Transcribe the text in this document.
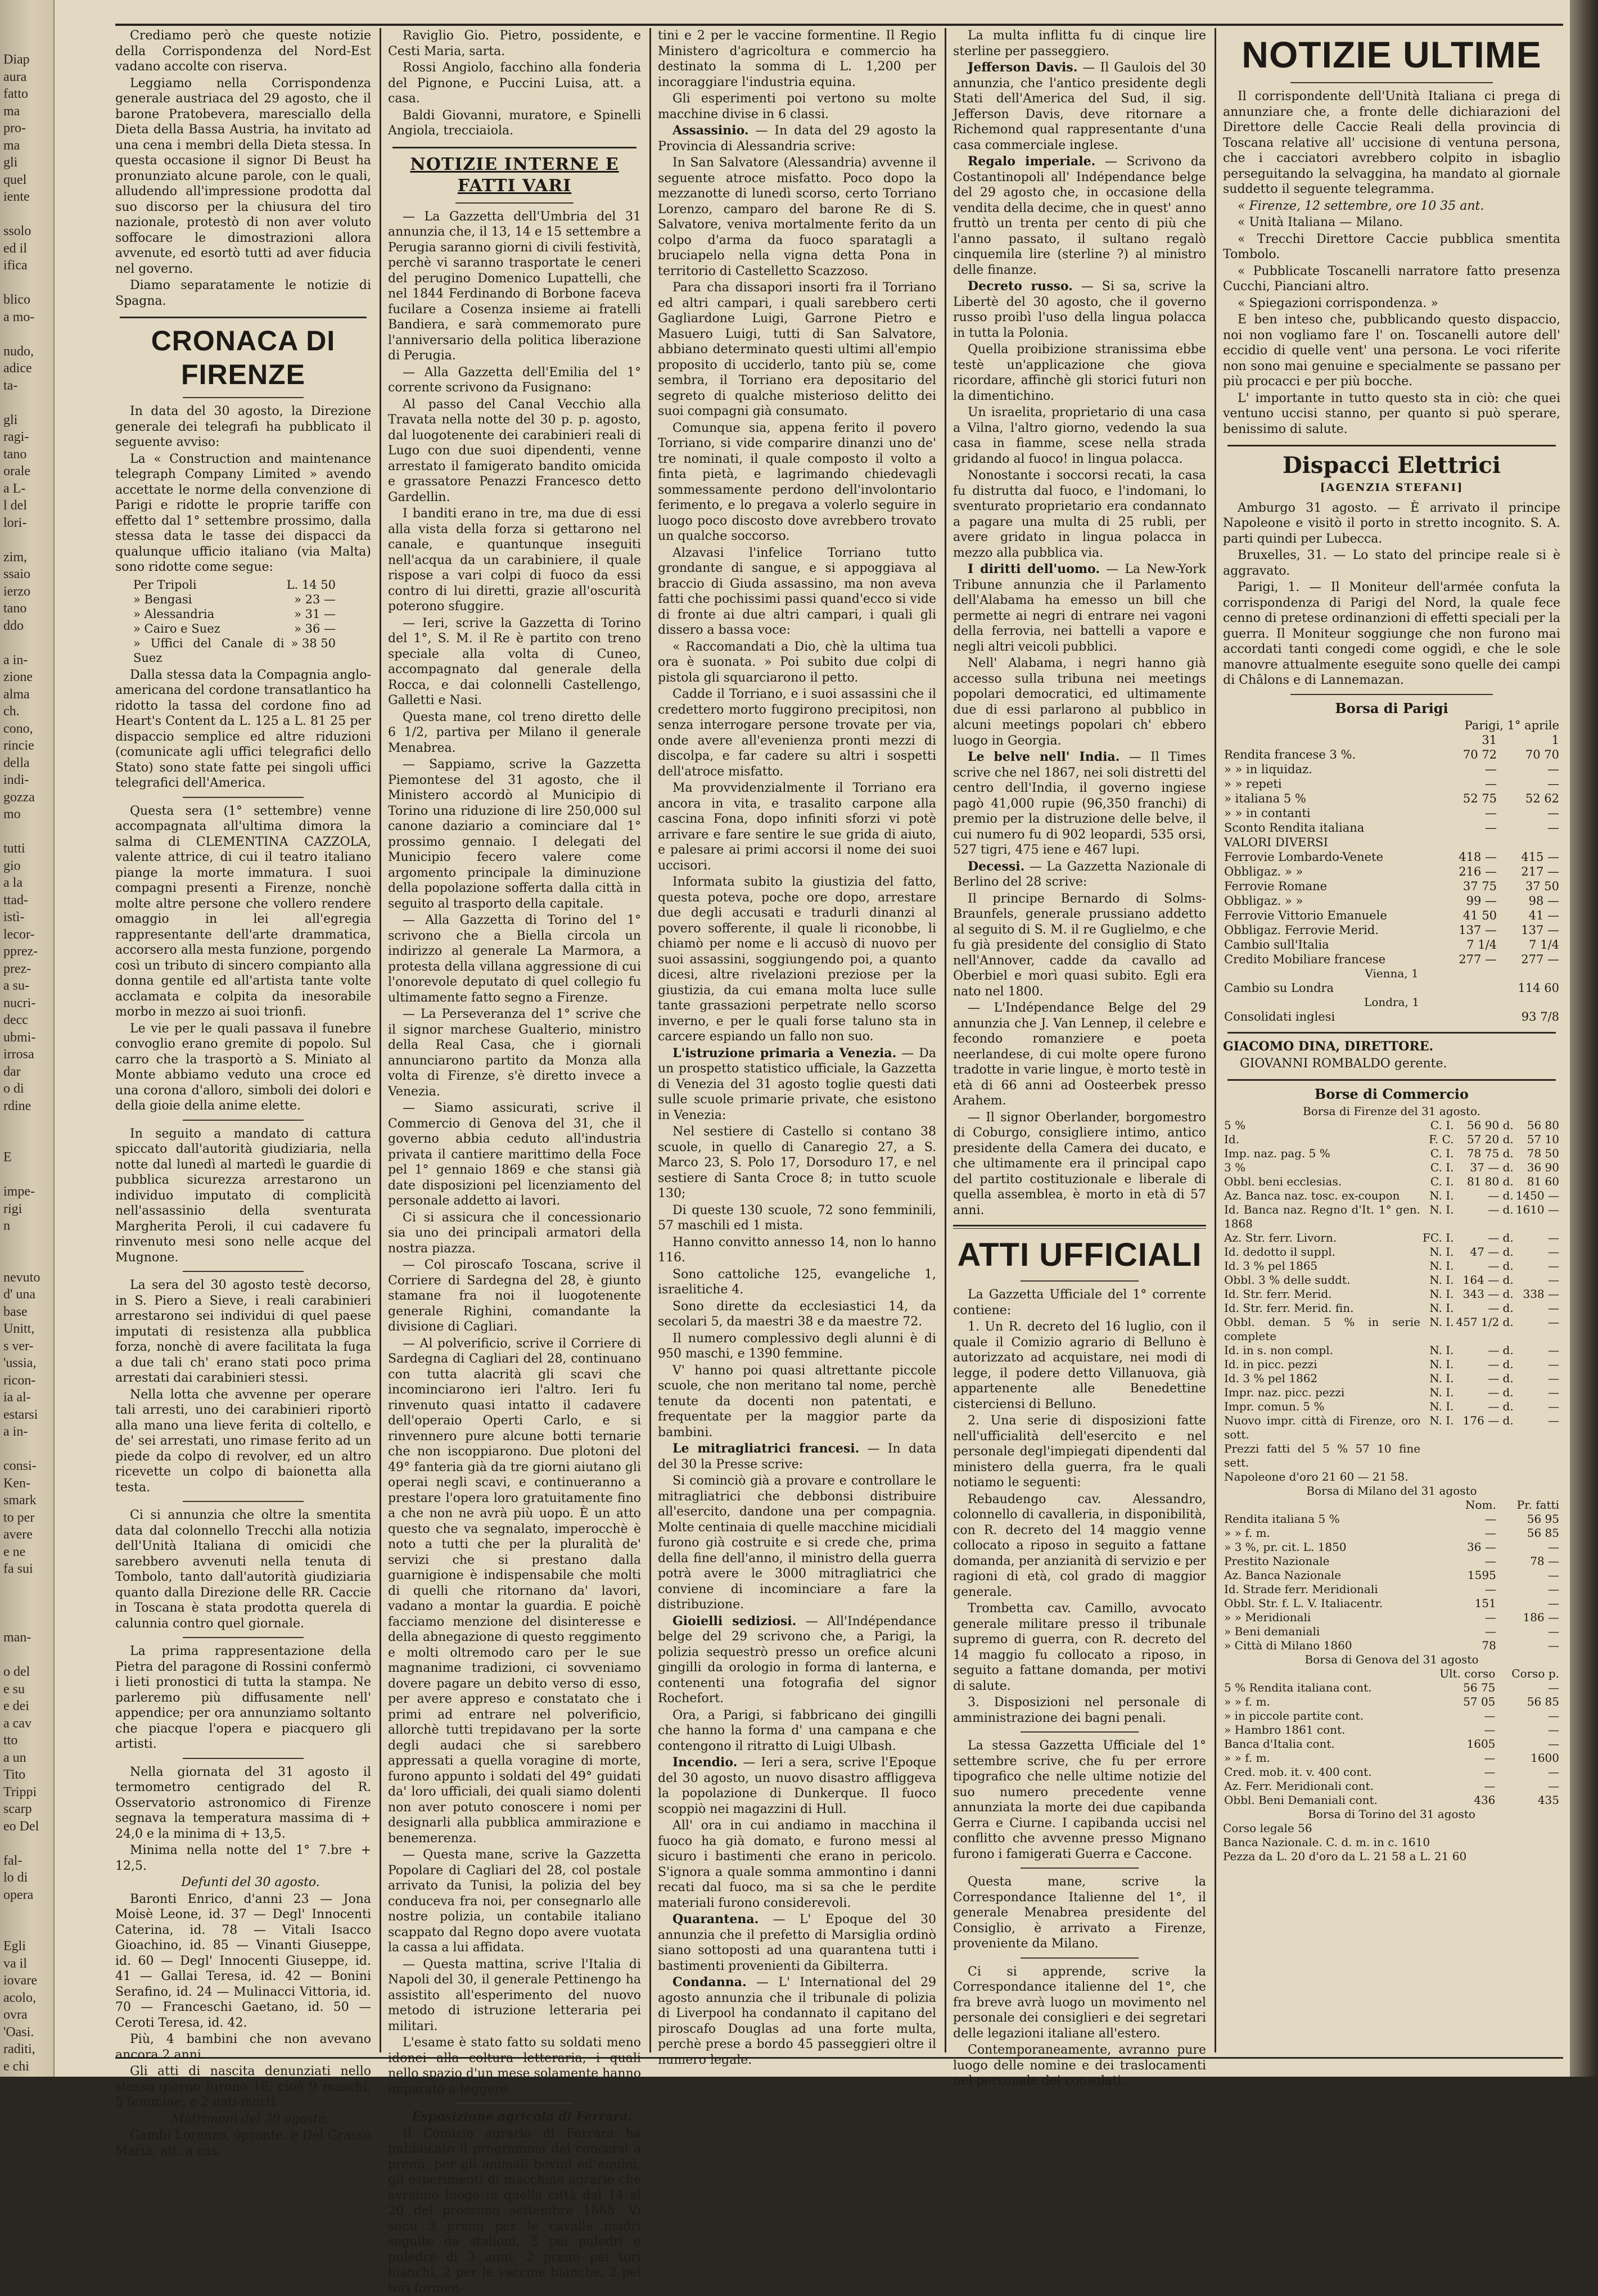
Diap
aura
fatto
ma
pro-
ma
gli
quel
iente
ssolo
ed il
ifica
blico
a mo-
nudo,
adice
ta-
gli
ragi-
tano
orale
a L-
l del
lori-
zim,
ssaio
ierzo
tano
ddo
a in-
zione
alma
ch.
cono,
rincie
della
indi-
gozza
mo
tutti
gio
a la
ttad-
istì-
lecor-
pprez-
prez-
a su-
nucri-
decc
ubmi-
irrosa
dar
o di
rdine
E
impe-
rigi
n
nevuto
d' una
base
Unitt,
s ver-
'ussia,
ricon-
ia al-
estarsi
a in-
consi-
Ken-
smark
to per
avere
e ne
fa sui
man-
o del
e su
e dei
a cav
tto
a un
Tito
Trippi
scarp
eo Del
fal-
lo di
opera
Egli
va il
iovare
acolo,
ovra
'Oasi.
raditi,
e chi
a cui
pagna
rattina

Crediamo però che queste notizie della Corrispondenza del Nord-Est vadano accolte con riserva.

Leggiamo nella Corrispondenza generale austriaca del 29 agosto, che il barone Pratobevera, maresciallo della Dieta della Bassa Austria, ha invitato ad una cena i membri della Dieta stessa. In questa occasione il signor Di Beust ha pronunziato alcune parole, con le quali, alludendo all'impressione prodotta dal suo discorso per la chiusura del tiro nazionale, protestò di non aver voluto soffocare le dimostrazioni allora avvenute, ed esortò tutti ad aver fiducia nel governo.

Diamo separatamente le notizie di Spagna.

CRONACA DI FIRENZE

In data del 30 agosto, la Direzione generale dei telegrafi ha pubblicato il seguente avviso:

La « Construction and maintenance telegraph Company Limited » avendo accettate le norme della convenzione di Parigi e ridotte le proprie tariffe con effetto dal 1° settembre prossimo, dalla stessa data le tasse dei dispacci da qualunque ufficio italiano (via Malta) sono ridotte come segue:

Per Tripoli	L. 14 50
» Bengasi	» 23 —
» Alessandria	» 31 —
» Cairo e Suez	» 36 —
» Uffici del Canale di Suez	» 38 50

Dalla stessa data la Compagnia anglo-americana del cordone transatlantico ha ridotto la tassa del cordone fino ad Heart's Content da L. 125 a L. 81 25 per dispaccio semplice ed altre riduzioni (comunicate agli uffici telegrafici dello Stato) sono state fatte pei singoli uffici telegrafici dell'America.

Questa sera (1° settembre) venne accompagnata all'ultima dimora la salma di CLEMENTINA CAZZOLA, valente attrice, di cui il teatro italiano piange la morte immatura. I suoi compagni presenti a Firenze, nonchè molte altre persone che vollero rendere omaggio in lei all'egregia rappresentante dell'arte drammatica, accorsero alla mesta funzione, porgendo così un tributo di sincero compianto alla donna gentile ed all'artista tante volte acclamata e colpita da inesorabile morbo in mezzo ai suoi trionfi.

Le vie per le quali passava il funebre convoglio erano gremite di popolo. Sul carro che la trasportò a S. Miniato al Monte abbiamo veduto una croce ed una corona d'alloro, simboli dei dolori e della gioie della anime elette.

In seguito a mandato di cattura spiccato dall'autorità giudiziaria, nella notte dal lunedì al martedì le guardie di pubblica sicurezza arrestarono un individuo imputato di complicità nell'assassinio della sventurata Margherita Peroli, il cui cadavere fu rinvenuto mesi sono nelle acque del Mugnone.

La sera del 30 agosto testè decorso, in S. Piero a Sieve, i reali carabinieri arrestarono sei individui di quel paese imputati di resistenza alla pubblica forza, nonchè di avere facilitata la fuga a due tali ch' erano stati poco prima arrestati dai carabinieri stessi.

Nella lotta che avvenne per operare tali arresti, uno dei carabinieri riportò alla mano una lieve ferita di coltello, e de' sei arrestati, uno rimase ferito ad un piede da colpo di revolver, ed un altro ricevette un colpo di baionetta alla testa.

Ci si annunzia che oltre la smentita data dal colonnello Trecchi alla notizia dell'Unità Italiana di omicidi che sarebbero avvenuti nella tenuta di Tombolo, tanto dall'autorità giudiziaria quanto dalla Direzione delle RR. Caccie in Toscana è stata prodotta querela di calunnia contro quel giornale.

La prima rappresentazione della Pietra del paragone di Rossini confermò i lieti pronostici di tutta la stampa. Ne parleremo più diffusamente nell' appendice; per ora annunziamo soltanto che piacque l'opera e piacquero gli artisti.

Nella giornata del 31 agosto il termometro centigrado del R. Osservatorio astronomico di Firenze segnava la temperatura massima di + 24,0 e la minima di + 13,5.

Minima nella notte del 1° 7.bre + 12,5.

Defunti del 30 agosto.

Baronti Enrico, d'anni 23 — Jona Moisè Leone, id. 37 — Degl' Innocenti Caterina, id. 78 — Vitali Isacco Gioachino, id. 85 — Vinanti Giuseppe, id. 60 — Degl' Innocenti Giuseppe, id. 41 — Gallai Teresa, id. 42 — Bonini Serafino, id. 24 — Mulinacci Vittoria, id. 70 — Franceschi Gaetano, id. 50 — Ceroti Teresa, id. 42.

Più, 4 bambini che non avevano ancora 2 anni.

Gli atti di nascita denunziati nello stesso giorno furono 16, cioè 9 maschi, 5 femmine, e 2 nati-morti.

Matrimoni del 30 agosto.

Gambi Lorenzo, oprante, e Del Grasso Maria, att. a cas.

Raviglio Gio. Pietro, possidente, e Cesti Maria, sarta.

Rossi Angiolo, facchino alla fonderia del Pignone, e Puccini Luisa, att. a casa.

Baldi Giovanni, muratore, e Spinelli Angiola, trecciaiola.

NOTIZIE INTERNE E FATTI VARI

— La Gazzetta dell'Umbria del 31 annunzia che, il 13, 14 e 15 settembre a Perugia saranno giorni di civili festività, perchè vi saranno trasportate le ceneri del perugino Domenico Lupattelli, che nel 1844 Ferdinando di Borbone faceva fucilare a Cosenza insieme ai fratelli Bandiera, e sarà commemorato pure l'anniversario della politica liberazione di Perugia.

— Alla Gazzetta dell'Emilia del 1° corrente scrivono da Fusignano:

Al passo del Canal Vecchio alla Travata nella notte del 30 p. p. agosto, dal luogotenente dei carabinieri reali di Lugo con due suoi dipendenti, venne arrestato il famigerato bandito omicida e grassatore Penazzi Francesco detto Gardellin.

I banditi erano in tre, ma due di essi alla vista della forza si gettarono nel canale, e quantunque inseguiti nell'acqua da un carabiniere, il quale rispose a vari colpi di fuoco da essi contro di lui diretti, grazie all'oscurità poterono sfuggire.

— Ieri, scrive la Gazzetta di Torino del 1°, S. M. il Re è partito con treno speciale alla volta di Cuneo, accompagnato dal generale della Rocca, e dai colonnelli Castellengo, Galletti e Nasi.

Questa mane, col treno diretto delle 6 1/2, partiva per Milano il generale Menabrea.

— Sappiamo, scrive la Gazzetta Piemontese del 31 agosto, che il Ministero accordò al Municipio di Torino una riduzione di lire 250,000 sul canone daziario a cominciare dal 1° prossimo gennaio. I delegati del Municipio fecero valere come argomento principale la diminuzione della popolazione sofferta dalla città in seguito al trasporto della capitale.

— Alla Gazzetta di Torino del 1° scrivono che a Biella circola un indirizzo al generale La Marmora, a protesta della villana aggressione di cui l'onorevole deputato di quel collegio fu ultimamente fatto segno a Firenze.

— La Perseveranza del 1° scrive che il signor marchese Gualterio, ministro della Real Casa, che i giornali annunciarono partito da Monza alla volta di Firenze, s'è diretto invece a Venezia.

— Siamo assicurati, scrive il Commercio di Genova del 31, che il governo abbia ceduto all'industria privata il cantiere marittimo della Foce pel 1° gennaio 1869 e che stansi già date disposizioni pel licenziamento del personale addetto ai lavori.

Ci si assicura che il concessionario sia uno dei principali armatori della nostra piazza.

— Col piroscafo Toscana, scrive il Corriere di Sardegna del 28, è giunto stamane fra noi il luogotenente generale Righini, comandante la divisione di Cagliari.

— Al polverificio, scrive il Corriere di Sardegna di Cagliari del 28, continuano con tutta alacrità gli scavi che incominciarono ieri l'altro. Ieri fu rinvenuto quasi intatto il cadavere dell'operaio Operti Carlo, e si rinvennero pure alcune botti ternarie che non iscoppiarono. Due plotoni del 49° fanteria già da tre giorni aiutano gli operai negli scavi, e continueranno a prestare l'opera loro gratuitamente fino a che non ne avrà più uopo. È un atto questo che va segnalato, imperocchè è noto a tutti che per la pluralità de' servizi che si prestano dalla guarnigione è indispensabile che molti di quelli che ritornano da' lavori, vadano a montar la guardia. E poichè facciamo menzione del disinteresse e della abnegazione di questo reggimento e molti oltremodo caro per le sue magnanime tradizioni, ci sovveniamo dovere pagare un debito verso di esso, per avere appreso e constatato che i primi ad entrare nel polverificio, allorchè tutti trepidavano per la sorte degli audaci che si sarebbero appressati a quella voragine di morte, furono appunto i soldati del 49° guidati da' loro ufficiali, dei quali siamo dolenti non aver potuto conoscere i nomi per designarli alla pubblica ammirazione e benemerenza.

— Questa mane, scrive la Gazzetta Popolare di Cagliari del 28, col postale arrivato da Tunisi, la polizia del bey conduceva fra noi, per consegnarlo alle nostre polizia, un contabile italiano scappato dal Regno dopo avere vuotata la cassa a lui affidata.

— Questa mattina, scrive l'Italia di Napoli del 30, il generale Pettinengo ha assistito all'esperimento del nuovo metodo di istruzione letteraria pei militari.

L'esame è stato fatto su soldati meno idonei alla coltura letteraria, i quali nello spazio d'un mese solamente hanno imparato a leggere.

Esposizione agricola di Ferrara.

Il Comizio agrario di Ferrara ha pubblicato il programma dei concorsi a premi, per gli animali bovini ed equini, gli esperimenti di macchine agrarie che avranno luogo in quella città dal 14 al 20 del prossimo settembre 1868. Vi sono 3 premi per le cavalle madri seguite da stalloni, 3 pei puledri e puledre di 3 anni, 2 premi pei tori bianchi, 2 per le vaccine bianche, 2 pei tori formen-

tini e 2 per le vaccine formentine. Il Regio Ministero d'agricoltura e commercio ha destinato la somma di L. 1,200 per incoraggiare l'industria equina.

Gli esperimenti poi vertono su molte macchine divise in 6 classi.

Assassinio. — In data del 29 agosto la Provincia di Alessandria scrive:

In San Salvatore (Alessandria) avvenne il seguente atroce misfatto. Poco dopo la mezzanotte di lunedì scorso, certo Torriano Lorenzo, camparo del barone Re di S. Salvatore, veniva mortalmente ferito da un colpo d'arma da fuoco sparatagli a bruciapelo nella vigna detta Pona in territorio di Castelletto Scazzoso.

Para cha dissapori insorti fra il Torriano ed altri campari, i quali sarebbero certi Gagliardone Luigi, Garrone Pietro e Masuero Luigi, tutti di San Salvatore, abbiano determinato questi ultimi all'empio proposito di ucciderlo, tanto più se, come sembra, il Torriano era depositario del segreto di qualche misterioso delitto dei suoi compagni già consumato.

Comunque sia, appena ferito il povero Torriano, si vide comparire dinanzi uno de' tre nominati, il quale composto il volto a finta pietà, e lagrimando chiedevagli sommessamente perdono dell'involontario ferimento, e lo pregava a volerlo seguire in luogo poco discosto dove avrebbero trovato un qualche soccorso.

Alzavasi l'infelice Torriano tutto grondante di sangue, e si appoggiava al braccio di Giuda assassino, ma non aveva fatti che pochissimi passi quand'ecco si vide di fronte ai due altri campari, i quali gli dissero a bassa voce:

« Raccomandati a Dio, chè la ultima tua ora è suonata. » Poi subito due colpi di pistola gli squarciarono il petto.

Cadde il Torriano, e i suoi assassini che il credettero morto fuggirono precipitosi, non senza interrogare persone trovate per via, onde avere all'evenienza pronti mezzi di discolpa, e far cadere su altri i sospetti dell'atroce misfatto.

Ma provvidenzialmente il Torriano era ancora in vita, e trasalito carpone alla cascina Fona, dopo infiniti sforzi vi potè arrivare e fare sentire le sue grida di aiuto, e palesare ai primi accorsi il nome dei suoi uccisori.

Informata subito la giustizia del fatto, questa poteva, poche ore dopo, arrestare due degli accusati e tradurli dinanzi al povero sofferente, il quale li riconobbe, li chiamò per nome e li accusò di nuovo per suoi assassini, soggiungendo poi, a quanto dicesi, altre rivelazioni preziose per la giustizia, da cui emana molta luce sulle tante grassazioni perpetrate nello scorso inverno, e per le quali forse taluno sta in carcere espiando un fallo non suo.

L'istruzione primaria a Venezia. — Da un prospetto statistico ufficiale, la Gazzetta di Venezia del 31 agosto toglie questi dati sulle scuole primarie private, che esistono in Venezia:

Nel sestiere di Castello si contano 38 scuole, in quello di Canaregio 27, a S. Marco 23, S. Polo 17, Dorsoduro 17, e nel sestiere di Santa Croce 8; in tutto scuole 130;

Di queste 130 scuole, 72 sono femminili, 57 maschili ed 1 mista.

Hanno convitto annesso 14, non lo hanno 116.

Sono cattoliche 125, evangeliche 1, israelitiche 4.

Sono dirette da ecclesiastici 14, da secolari 5, da maestri 38 e da maestre 72.

Il numero complessivo degli alunni è di 950 maschi, e 1390 femmine.

V' hanno poi quasi altrettante piccole scuole, che non meritano tal nome, perchè tenute da docenti non patentati, e frequentate per la maggior parte da bambini.

Le mitragliatrici francesi. — In data del 30 la Presse scrive:

Si cominciò già a provare e controllare le mitragliatrici che debbonsi distribuire all'esercito, dandone una per compagnia. Molte centinaia di quelle macchine micidiali furono già costruite e si crede che, prima della fine dell'anno, il ministro della guerra potrà avere le 3000 mitragliatrici che conviene di incominciare a fare la distribuzione.

Gioielli sediziosi. — All'Indépendance belge del 29 scrivono che, a Parigi, la polizia sequestrò presso un orefice alcuni gingilli da orologio in forma di lanterna, e contenenti una fotografia del signor Rochefort.

Ora, a Parigi, si fabbricano dei gingilli che hanno la forma d' una campana e che contengono il ritratto di Luigi Ulbash.

Incendio. — Ieri a sera, scrive l'Epoque del 30 agosto, un nuovo disastro affliggeva la popolazione di Dunkerque. Il fuoco scoppiò nei magazzini di Hull.

All' ora in cui andiamo in macchina il fuoco ha già domato, e furono messi al sicuro i bastimenti che erano in pericolo. S'ignora a quale somma ammontino i danni recati dal fuoco, ma si sa che le perdite materiali furono considerevoli.

Quarantena. — L' Epoque del 30 annunzia che il prefetto di Marsiglia ordinò siano sottoposti ad una quarantena tutti i bastimenti provenienti da Gibilterra.

Condanna. — L' International del 29 agosto annunzia che il tribunale di polizia di Liverpool ha condannato il capitano del piroscafo Douglas ad una forte multa, perchè prese a bordo 45 passeggieri oltre il numero legale.

La multa inflitta fu di cinque lire sterline per passeggiero.

Jefferson Davis. — Il Gaulois del 30 annunzia, che l'antico presidente degli Stati dell'America del Sud, il sig. Jefferson Davis, deve ritornare a Richemond qual rappresentante d'una casa commerciale inglese.

Regalo imperiale. — Scrivono da Costantinopoli all' Indépendance belge del 29 agosto che, in occasione della vendita della decime, che in quest' anno fruttò un trenta per cento di più che l'anno passato, il sultano regalò cinquemila lire (sterline ?) al ministro delle finanze.

Decreto russo. — Si sa, scrive la Libertè del 30 agosto, che il governo russo proibì l'uso della lingua polacca in tutta la Polonia.

Quella proibizione stranissima ebbe testè un'applicazione che giova ricordare, affinchè gli storici futuri non la dimentichino.

Un israelita, proprietario di una casa a Vilna, l'altro giorno, vedendo la sua casa in fiamme, scese nella strada gridando al fuoco! in lingua polacca.

Nonostante i soccorsi recati, la casa fu distrutta dal fuoco, e l'indomani, lo sventurato proprietario era condannato a pagare una multa di 25 rubli, per avere gridato in lingua polacca in mezzo alla pubblica via.

I diritti dell'uomo. — La New-York Tribune annunzia che il Parlamento dell'Alabama ha emesso un bill che permette ai negri di entrare nei vagoni della ferrovia, nei battelli a vapore e negli altri veicoli pubblici.

Nell' Alabama, i negri hanno già accesso sulla tribuna nei meetings popolari democratici, ed ultimamente due di essi parlarono al pubblico in alcuni meetings popolari ch' ebbero luogo in Georgia.

Le belve nell' India. — Il Times scrive che nel 1867, nei soli distretti del centro dell'India, il governo ingiese pagò 41,000 rupie (96,350 franchi) di premio per la distruzione delle belve, il cui numero fu di 902 leopardi, 535 orsi, 527 tigri, 475 iene e 467 lupi.

Decessi. — La Gazzetta Nazionale di Berlino del 28 scrive:

Il principe Bernardo di Solms-Braunfels, generale prussiano addetto al seguito di S. M. il re Guglielmo, e che fu già presidente del consiglio di Stato nell'Annover, cadde da cavallo ad Oberbiel e morì quasi subito. Egli era nato nel 1800.

— L'Indépendance Belge del 29 annunzia che J. Van Lennep, il celebre e fecondo romanziere e poeta neerlandese, di cui molte opere furono tradotte in varie lingue, è morto testè in età di 66 anni ad Oosteerbek presso Arahem.

— Il signor Oberlander, borgomestro di Coburgo, consigliere intimo, antico presidente della Camera dei ducato, e che ultimamente era il principal capo del partito costituzionale e liberale di quella assemblea, è morto in età di 57 anni.

ATTI UFFICIALI

La Gazzetta Ufficiale del 1° corrente contiene:

1. Un R. decreto del 16 luglio, con il quale il Comizio agrario di Belluno è autorizzato ad acquistare, nei modi di legge, il podere detto Villanuova, già appartenente alle Benedettine cisterciensi di Belluno.

2. Una serie di disposizioni fatte nell'ufficialità dell'esercito e nel personale degl'impiegati dipendenti dal ministero della guerra, fra le quali notiamo le seguenti:

Rebaudengo cav. Alessandro, colonnello di cavalleria, in disponibilità, con R. decreto del 14 maggio venne collocato a riposo in seguito a fattane domanda, per anzianità di servizio e per ragioni di età, col grado di maggior generale.

Trombetta cav. Camillo, avvocato generale militare presso il tribunale supremo di guerra, con R. decreto del 14 maggio fu collocato a riposo, in seguito a fattane domanda, per motivi di salute.

3. Disposizioni nel personale di amministrazione dei bagni penali.

La stessa Gazzetta Ufficiale del 1° settembre scrive, che fu per errore tipografico che nelle ultime notizie del suo numero precedente venne annunziata la morte dei due capibanda Gerra e Ciurne. I capibanda uccisi nel conflitto che avvenne presso Mignano furono i famigerati Guerra e Caccone.

Questa mane, scrive la Correspondance Italienne del 1°, il generale Menabrea presidente del Consiglio, è arrivato a Firenze, proveniente da Milano.

Ci si apprende, scrive la Correspondance italienne del 1°, che fra breve avrà luogo un movimento nel personale dei consiglieri e dei segretari delle legazioni italiane all'estero.

Contemporaneamente, avranno pure luogo delle nomine e dei traslocamenti nel personale dei consolati.

NOTIZIE ULTIME

Il corrispondente dell'Unità Italiana ci prega di annunziare che, a fronte delle dichiarazioni del Direttore delle Caccie Reali della provincia di Toscana relative all' uccisione di ventuna persona, che i cacciatori avrebbero colpito in isbaglio perseguitando la selvaggina, ha mandato al giornale suddetto il seguente telegramma.

« Firenze, 12 settembre, ore 10 35 ant.

« Unità Italiana — Milano.

« Trecchi Direttore Caccie pubblica smentita Tombolo.

« Pubblicate Toscanelli narratore fatto presenza Cucchi, Pianciani altro.

« Spiegazioni corrispondenza. »

E ben inteso che, pubblicando questo dispaccio, noi non vogliamo fare l' on. Toscanelli autore dell' eccidio di quelle vent' una persona. Le voci riferite non sono mai genuine e specialmente se passano per più procacci e per più bocche.

L' importante in tutto questo sta in ciò: che quei ventuno uccisi stanno, per quanto si può sperare, benissimo di salute.

Dispacci Elettrici
[AGENZIA STEFANI]

Amburgo 31 agosto. — È arrivato il principe Napoleone e visitò il porto in stretto incognito. S. A. parti quindi per Lubecca.

Bruxelles, 31. — Lo stato del principe reale si è aggravato.

Parigi, 1. — Il Moniteur dell'armée confuta la corrispondenza di Parigi del Nord, la quale fece cenno di pretese ordinanzioni di effetti speciali per la guerra. Il Moniteur soggiunge che non furono mai accordati tanti congedi come oggidì, e che le sole manovre attualmente eseguite sono quelle dei campi di Châlons e di Lannemazan.

Borsa di Parigi
	Parigi, 1° aprile	
	31	1
Rendita francese 3 %.	70 72	70 70
» » in liquidaz.	—	—
» » repeti	—	—
» italiana 5 %	52 75	52 62
» » in contanti	—	—
Sconto Rendita italiana	—	—
VALORI DIVERSI		
Ferrovie Lombardo-Venete	418 —	415 —
Obbligaz. » »	216 —	217 —
Ferrovie Romane	37 75	37 50
Obbligaz. » »	99 —	98 —
Ferrovie Vittorio Emanuele	41 50	41 —
Obbligaz. Ferrovie Merid.	137 —	137 —
Cambio sull'Italia	7 1/4	7 1/4
Credito Mobiliare francese	277 —	277 —
Vienna, 1
Cambio su Londra	114 60
Londra, 1
Consolidati inglesi	93 7/8
GIACOMO DINA, DIRETTORE.
GIOVANNI ROMBALDO gerente.
Borse di Commercio
Borsa di Firenze del 31 agosto.
5 %	C. I.	56 90 d.	56 80
Id.	F. C.	57 20 d.	57 10
Imp. naz. pag. 5 %	C. I.	78 75 d.	78 50
3 %	C. I.	37 — d.	36 90
Obbl. beni ecclesias.	C. I.	81 80 d.	81 60
Az. Banca naz. tosc. ex-coupon	N. I.	— d.	1450 —
Id. Banca naz. Regno d'It. 1° gen. 1868	N. I.	— d.	1610 —
Az. Str. ferr. Livorn.	FC. I.	— d.	—
Id. dedotto il suppl.	N. I.	47 — d.	—
Id. 3 % pel 1865	N. I.	— d.	—
Obbl. 3 % delle suddt.	N. I.	164 — d.	—
Id. Str. ferr. Merid.	N. I.	343 — d.	338 —
Id. Str. ferr. Merid. fin.	N. I.	— d.	—
Obbl. deman. 5 % in serie complete	N. I.	457 1/2 d.	—
Id. in s. non compl.	N. I.	— d.	—
Id. in picc. pezzi	N. I.	— d.	—
Id. 3 % pel 1862	N. I.	— d.	—
Impr. naz. picc. pezzi	N. I.	— d.	—
Impr. comun. 5 %	N. I.	— d.	—
Nuovo impr. città di Firenze, oro sott.	N. I.	176 — d.	—
Prezzi fatti del 5 % 57 10 fine sett.			
Napoleone d'oro 21 60 — 21 58.			
Borsa di Milano del 31 agosto
	Nom.	Pr. fatti
Rendita italiana 5 %	—	56 95
» » f. m.	—	56 85
» 3 %, pr. cit. L. 1850	36 —	—
Prestito Nazionale	—	78 —
Az. Banca Nazionale	1595	—
Id. Strade ferr. Meridionali	—	—
Obbl. Str. f. L. V. Italiacentr.	151	—
» » Meridionali	—	186 —
» Beni demaniali	—	—
» Città di Milano 1860	78	—
Borsa di Genova del 31 agosto
	Ult. corso	Corso p.
5 % Rendita italiana cont.	56 75	—
» » f. m.	57 05	56 85
» in piccole partite cont.	—	—
» Hambro 1861 cont.	—	—
Banca d'Italia cont.	1605	—
» » f. m.	—	1600
Cred. mob. it. v. 400 cont.	—	—
Az. Ferr. Meridionali cont.	—	—
Obbl. Beni Demaniali cont.	436	435
Borsa di Torino del 31 agosto
Corso legale 56
Banca Nazionale. C. d. m. in c. 1610
Pezza da L. 20 d'oro da L. 21 58 a L. 21 60
